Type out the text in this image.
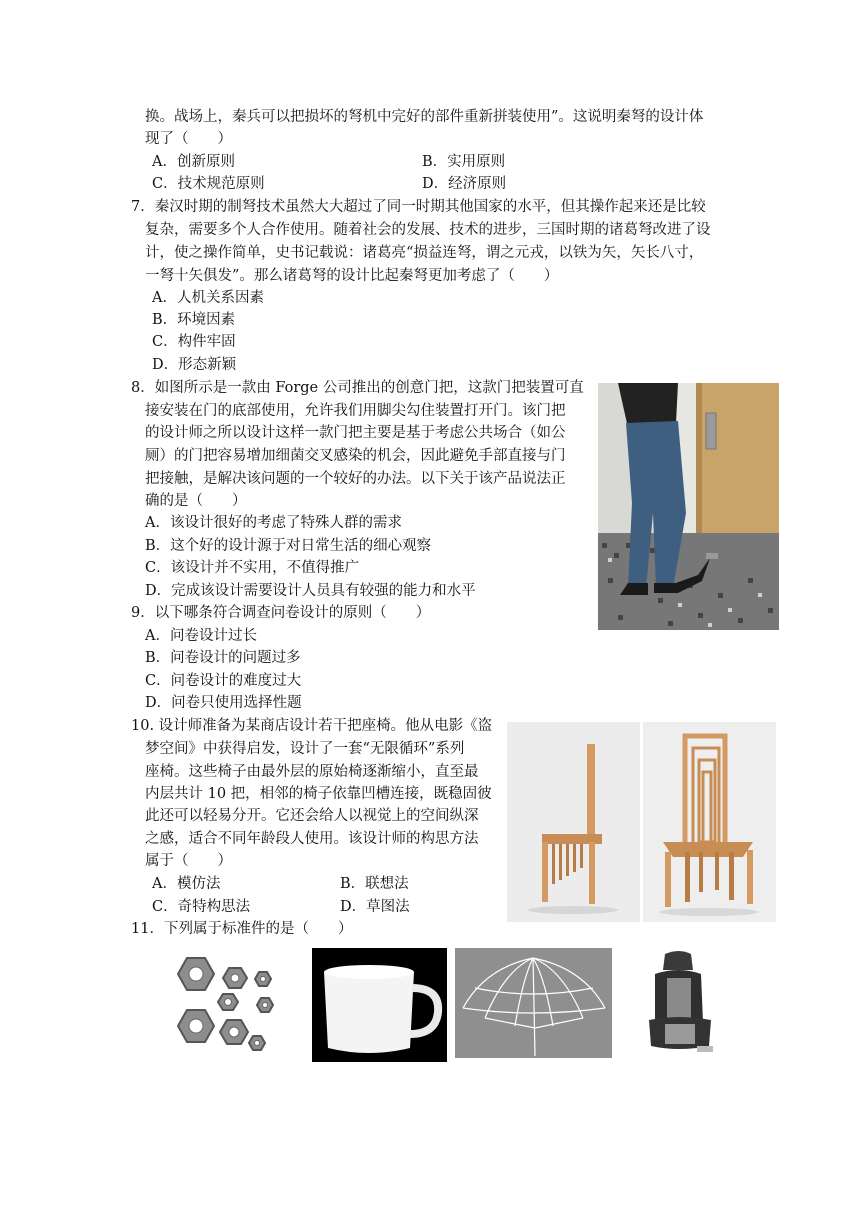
换。战场上，秦兵可以把损坏的弩机中完好的部件重新拼装使用”。这说明秦弩的设计体
现了（　　）
A．创新原则	B．实用原则
C．技术规范原则	D．经济原则
7．秦汉时期的制弩技术虽然大大超过了同一时期其他国家的水平，但其操作起来还是比较
复杂，需要多个人合作使用。随着社会的发展、技术的进步，三国时期的诸葛弩改进了设
计，使之操作简单，史书记载说：诸葛亮“损益连弩，谓之元戎，以铁为矢，矢长八寸，
一弩十矢俱发”。那么诸葛弩的设计比起秦弩更加考虑了（　　）
A．人机关系因素
B．环境因素
C．构件牢固
D．形态新颖
8．如图所示是一款由 Forge 公司推出的创意门把，这款门把装置可直
接安装在门的底部使用，允许我们用脚尖勾住装置打开门。该门把
的设计师之所以设计这样一款门把主要是基于考虑公共场合（如公
厕）的门把容易增加细菌交叉感染的机会，因此避免手部直接与门
把接触，是解决该问题的一个较好的办法。以下关于该产品说法正
确的是（　　）
A．该设计很好的考虑了特殊人群的需求
B．这个好的设计源于对日常生活的细心观察
C．该设计并不实用，不值得推广
D．完成该设计需要设计人员具有较强的能力和水平
9．以下哪条符合调查问卷设计的原则（　　）
A．问卷设计过长
B．问卷设计的问题过多
C．问卷设计的难度过大
D．问卷只使用选择性题
10. 设计师准备为某商店设计若干把座椅。他从电影《盗
梦空间》中获得启发，设计了一套“无限循环”系列
座椅。这些椅子由最外层的原始椅逐渐缩小，直至最
内层共计 10 把，相邻的椅子依靠凹槽连接，既稳固彼
此还可以轻易分开。它还会给人以视觉上的空间纵深
之感，适合不同年龄段人使用。该设计师的构思方法
属于（　　）
A．模仿法	B．联想法
C．奇特构思法	D．草图法
11．下列属于标准件的是（　　）
